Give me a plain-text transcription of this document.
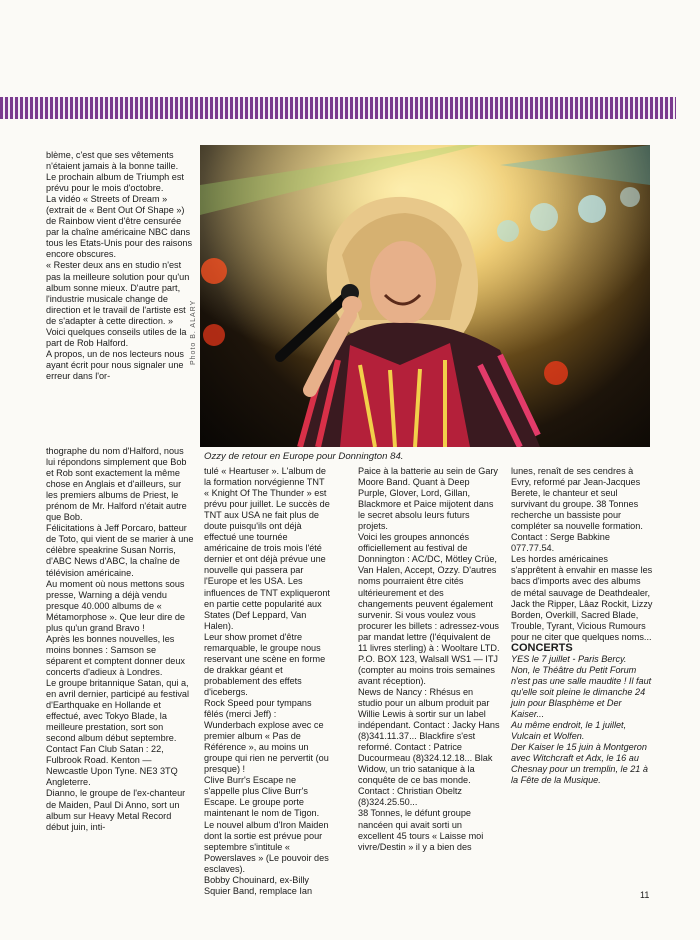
Photo B. ALARY
Ozzy de retour en Europe pour Donnington 84.

blème, c'est que ses vêtements n'étaient jamais à la bonne taille.

Le prochain album de Triumph est prévu pour le mois d'octobre.

La vidéo « Streets of Dream » (extrait de « Bent Out Of Shape ») de Rainbow vient d'être censurée par la chaîne américaine NBC dans tous les Etats-Unis pour des raisons encore obscures.

« Rester deux ans en studio n'est pas la meilleure solution pour qu'un album sonne mieux. D'autre part, l'industrie musicale change de direction et le travail de l'artiste est de s'adapter à cette direction. » Voici quelques conseils utiles de la part de Rob Halford.

A propos, un de nos lecteurs nous ayant écrit pour nous signaler une erreur dans l'or-

thographe du nom d'Halford, nous lui répondons simplement que Bob et Rob sont exactement la même chose en Anglais et d'ailleurs, sur les premiers albums de Priest, le prénom de Mr. Halford n'était autre que Bob.

Félicitations à Jeff Porcaro, batteur de Toto, qui vient de se marier à une célèbre speakrine Susan Norris, d'ABC News d'ABC, la chaîne de télévision américaine.

Au moment où nous mettons sous presse, Warning a déjà vendu presque 40.000 albums de « Métamorphose ». Que leur dire de plus qu'un grand Bravo !

Après les bonnes nouvelles, les moins bonnes : Samson se séparent et comptent donner deux concerts d'adieux à Londres.

Le groupe britannique Satan, qui a, en avril dernier, participé au festival d'Earthquake en Hollande et effectué, avec Tokyo Blade, la meilleure prestation, sort son second album début septembre. Contact Fan Club Satan : 22, Fulbrook Road. Kenton — Newcastle Upon Tyne. NE3 3TQ Angleterre.

Dianno, le groupe de l'ex-chanteur de Maiden, Paul Di Anno, sort un album sur Heavy Metal Record début juin, inti-

tulé « Heartuser ». L'album de la formation norvégienne TNT « Knight Of The Thunder » est prévu pour juillet. Le succès de TNT aux USA ne fait plus de doute puisqu'ils ont déjà effectué une tournée américaine de trois mois l'été dernier et ont déjà prévue une nouvelle qui passera par l'Europe et les USA. Les influences de TNT expliqueront en partie cette popularité aux States (Def Leppard, Van Halen).

Leur show promet d'être remarquable, le groupe nous reservant une scène en forme de drakkar géant et probablement des effets d'icebergs.

Rock Speed pour tympans fêlés (merci Jeff) : Wunderbach explose avec ce premier album « Pas de Référence », au moins un groupe qui rien ne pervertit (ou presque) !

Clive Burr's Escape ne s'appelle plus Clive Burr's Escape. Le groupe porte maintenant le nom de Tigon.

Le nouvel album d'Iron Maiden dont la sortie est prévue pour septembre s'intitule « Powerslaves » (Le pouvoir des esclaves).

Bobby Chouinard, ex-Billy Squier Band, remplace Ian

Paice à la batterie au sein de Gary Moore Band. Quant à Deep Purple, Glover, Lord, Gillan, Blackmore et Paice mijotent dans le secret absolu leurs futurs projets.

Voici les groupes annoncés officiellement au festival de Donnington : AC/DC, Mötley Crüe, Van Halen, Accept, Ozzy. D'autres noms pourraient être cités ultérieurement et des changements peuvent également survenir. Si vous voulez vous procurer les billets : adressez-vous par mandat lettre (l'équivalent de 11 livres sterling) à : Wooltare LTD. P.O. BOX 123, Walsall WS1 — ITJ (compter au moins trois semaines avant réception).

News de Nancy : Rhésus en studio pour un album produit par Willie Lewis à sortir sur un label indépendant. Contact : Jacky Hans (8)341.11.37... Blackfire s'est reformé. Contact : Patrice Ducourmeau (8)324.12.18... Blak Widow, un trio satanique à la conquête de ce bas monde. Contact : Christian Obeltz (8)324.25.50...

38 Tonnes, le défunt groupe nancéen qui avait sorti un excellent 45 tours « Laisse moi vivre/Destin » il y a bien des

lunes, renaît de ses cendres à Evry, reformé par Jean-Jacques Berete, le chanteur et seul survivant du groupe. 38 Tonnes recherche un bassiste pour compléter sa nouvelle formation. Contact : Serge Babkine 077.77.54.

Les hordes américaines s'apprêtent à envahir en masse les bacs d'imports avec des albums de métal sauvage de Deathdealer, Jack the Ripper, Lâaz Rockit, Lizzy Borden, Overkill, Sacred Blade, Trouble, Tyrant, Vicious Rumours pour ne citer que quelques noms...

CONCERTS

YES le 7 juillet - Paris Bercy.

Non, le Théâtre du Petit Forum n'est pas une salle maudite ! Il faut qu'elle soit pleine le dimanche 24 juin pour Blasphème et Der Kaiser...

Au même endroit, le 1 juillet, Vulcain et Wolfen.

Der Kaiser le 15 juin à Montgeron avec Witchcraft et Adx, le 16 au Chesnay pour un tremplin, le 21 à la Fête de la Musique.

11
